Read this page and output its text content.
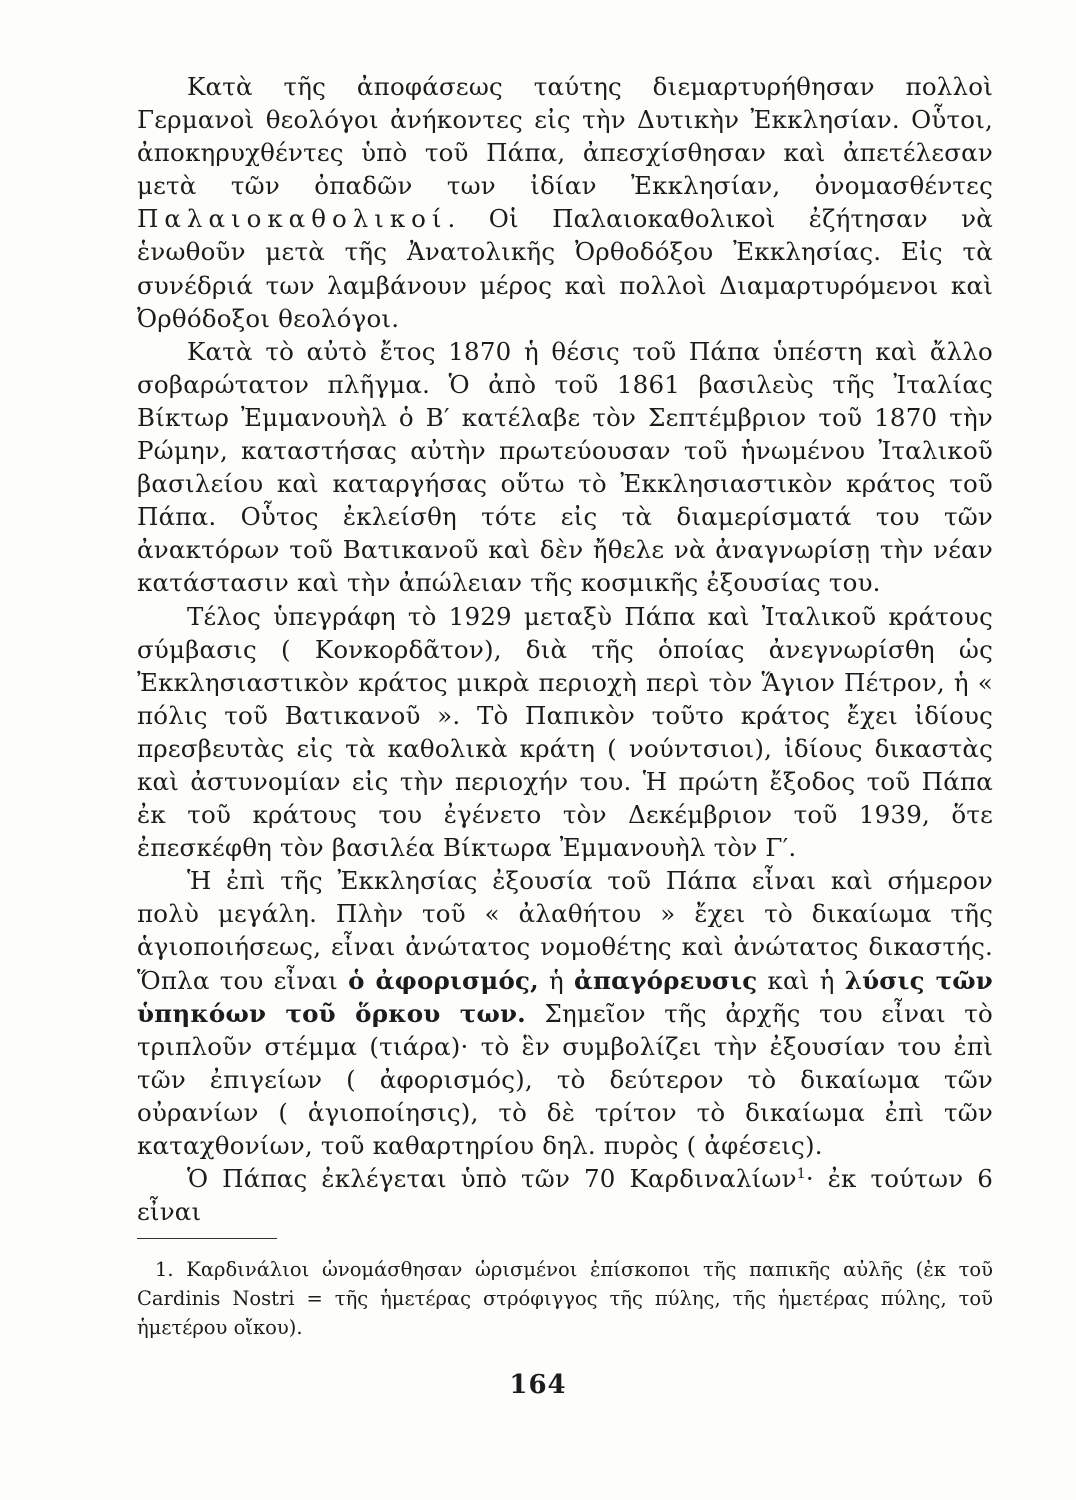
Κατὰ τῆς ἀποφάσεως ταύτης διεμαρτυρήθησαν πολλοὶ Γερμανοὶ θεολόγοι ἀνήκοντες εἰς τὴν Δυτικὴν Ἐκκλησίαν. Οὗτοι, ἀποκηρυχθέντες ὑπὸ τοῦ Πάπα, ἀπεσχίσθησαν καὶ ἀπετέλεσαν μετὰ τῶν ὀπαδῶν των ἰδίαν Ἐκκλησίαν, ὀνομασθέντες Παλαιοκαθολικοί. Οἱ Παλαιοκαθολικοὶ ἐζήτησαν νὰ ἑνωθοῦν μετὰ τῆς Ἀνατολικῆς Ὀρθοδόξου Ἐκκλησίας. Εἰς τὰ συνέδριά των λαμβάνουν μέρος καὶ πολλοὶ Διαμαρτυρόμενοι καὶ Ὀρθόδοξοι θεολόγοι.

Κατὰ τὸ αὐτὸ ἔτος 1870 ἡ θέσις τοῦ Πάπα ὑπέστη καὶ ἄλλο σοβαρώτατον πλῆγμα. Ὁ ἀπὸ τοῦ 1861 βασιλεὺς τῆς Ἰταλίας Βίκτωρ Ἐμμανουὴλ ὁ Β′ κατέλαβε τὸν Σεπτέμβριον τοῦ 1870 τὴν Ρώμην, καταστήσας αὐτὴν πρωτεύουσαν τοῦ ἡνωμένου Ἰταλικοῦ βασιλείου καὶ καταργήσας οὕτω τὸ Ἐκκλησιαστικὸν κράτος τοῦ Πάπα. Οὗτος ἐκλείσθη τότε εἰς τὰ διαμερίσματά του τῶν ἀνακτόρων τοῦ Βατικανοῦ καὶ δὲν ἤθελε νὰ ἀναγνωρίσῃ τὴν νέαν κατάστασιν καὶ τὴν ἀπώλειαν τῆς κοσμικῆς ἐξουσίας του.

Τέλος ὑπεγράφη τὸ 1929 μεταξὺ Πάπα καὶ Ἰταλικοῦ κράτους σύμβασις ( Κονκορδᾶτον), διὰ τῆς ὁποίας ἀνεγνωρίσθη ὡς Ἐκκλησιαστικὸν κράτος μικρὰ περιοχὴ περὶ τὸν Ἅγιον Πέτρον, ἡ « πόλις τοῦ Βατικανοῦ ». Τὸ Παπικὸν τοῦτο κράτος ἔχει ἰδίους πρεσβευτὰς εἰς τὰ καθολικὰ κράτη ( νούντσιοι), ἰδίους δικαστὰς καὶ ἀστυνομίαν εἰς τὴν περιοχήν του. Ἡ πρώτη ἔξοδος τοῦ Πάπα ἐκ τοῦ κράτους του ἐγένετο τὸν Δεκέμβριον τοῦ 1939, ὅτε ἐπεσκέφθη τὸν βασιλέα Βίκτωρα Ἐμμανουὴλ τὸν Γ′.

Ἡ ἐπὶ τῆς Ἐκκλησίας ἐξουσία τοῦ Πάπα εἶναι καὶ σήμερον πολὺ μεγάλη. Πλὴν τοῦ « ἀλαθήτου » ἔχει τὸ δικαίωμα τῆς ἁγιοποιήσεως, εἶναι ἀνώτατος νομοθέτης καὶ ἀνώτατος δικαστής. Ὅπλα του εἶναι ὁ ἀφορισμός, ἡ ἀπαγόρευσις καὶ ἡ λύσις τῶν ὑπηκόων τοῦ ὅρκου των. Σημεῖον τῆς ἀρχῆς του εἶναι τὸ τριπλοῦν στέμμα (τιάρα)· τὸ ἓν συμβολίζει τὴν ἐξουσίαν του ἐπὶ τῶν ἐπιγείων ( ἀφορισμός), τὸ δεύτερον τὸ δικαίωμα τῶν οὐρανίων ( ἁγιοποίησις), τὸ δὲ τρίτον τὸ δικαίωμα ἐπὶ τῶν καταχθονίων, τοῦ καθαρτηρίου δηλ. πυρὸς ( ἀφέσεις).

Ὁ Πάπας ἐκλέγεται ὑπὸ τῶν 70 Καρδιναλίων$^1$· ἐκ τούτων 6 εἶναι

1. Καρδινάλιοι ὠνομάσθησαν ὡρισμένοι ἐπίσκοποι τῆς παπικῆς αὐλῆς (ἐκ τοῦ Cardinis Nostri = τῆς ἡμετέρας στρόφιγγος τῆς πύλης, τῆς ἡμετέρας πύλης, τοῦ ἡμετέρου οἴκου).

164
